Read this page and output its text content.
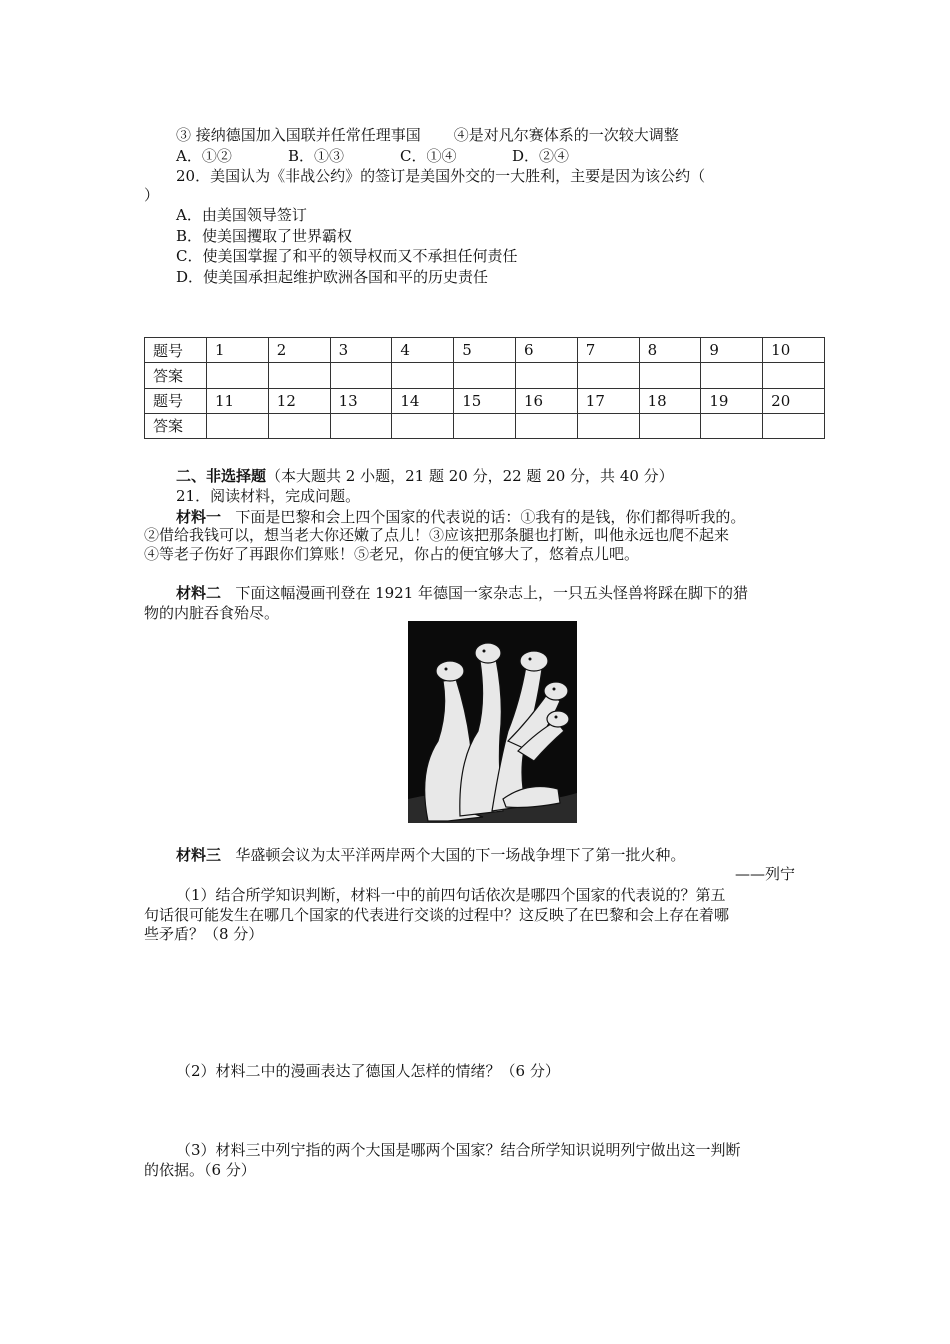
③ 接纳德国加入国联并任常任理事国 ④是对凡尔赛体系的一次较大调整
A．①②	B．①③	C．①④	D．②④
20．美国认为《非战公约》的签订是美国外交的一大胜利，主要是因为该公约（
）
A．由美国领导签订
B．使美国攫取了世界霸权
C．使美国掌握了和平的领导权而又不承担任何责任
D．使美国承担起维护欧洲各国和平的历史责任
题号	1	2	3	4	5	6	7	8	9	10
答案										
题号	11	12	13	14	15	16	17	18	19	20
答案										
二、非选择题（本大题共 2 小题，21 题 20 分，22 题 20 分，共 40 分）
21．阅读材料，完成问题。
材料一 下面是巴黎和会上四个国家的代表说的话：①我有的是钱，你们都得听我的。
②借给我钱可以，想当老大你还嫩了点儿！③应该把那条腿也打断，叫他永远也爬不起来
④等老子伤好了再跟你们算账！⑤老兄，你占的便宜够大了，悠着点儿吧。
材料二 下面这幅漫画刊登在 1921 年德国一家杂志上，一只五头怪兽将踩在脚下的猎
物的内脏吞食殆尽。
材料三 华盛顿会议为太平洋两岸两个大国的下一场战争埋下了第一批火种。
——列宁
（1）结合所学知识判断，材料一中的前四句话依次是哪四个国家的代表说的？第五
句话很可能发生在哪几个国家的代表进行交谈的过程中？这反映了在巴黎和会上存在着哪
些矛盾？（8 分）
（2）材料二中的漫画表达了德国人怎样的情绪？（6 分）
（3）材料三中列宁指的两个大国是哪两个国家？结合所学知识说明列宁做出这一判断
的依据。（6 分）
